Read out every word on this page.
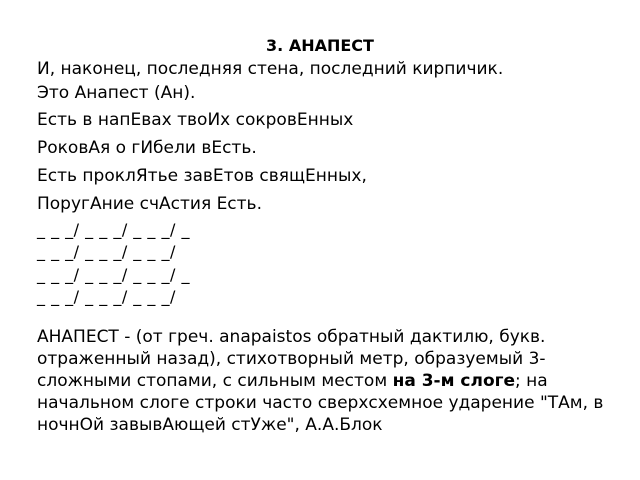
3. АНАПЕСТ
И, наконец, последняя стена, последний кирпичик.
Это Анапест (Ан).
Есть в напЕвах твоИх сокровЕнных
РоковАя о гИбели вЕсть.
Есть проклЯтье завЕтов свящЕнных,
ПоругАние счАстия Есть.
_ _ _/ _ _ _/ _ _ _/ _
_ _ _/ _ _ _/ _ _ _/
_ _ _/ _ _ _/ _ _ _/ _
_ _ _/ _ _ _/ _ _ _/
АНАПЕСТ - (от греч. anapaistos обратный дактилю, букв. отраженный назад), стихотворный метр, образуемый 3-сложными стопами, с сильным местом на 3-м слоге; на начальном слоге строки часто сверхсхемное ударение "ТАм, в ночнОй завывАющей стУже", А.А.Блок
